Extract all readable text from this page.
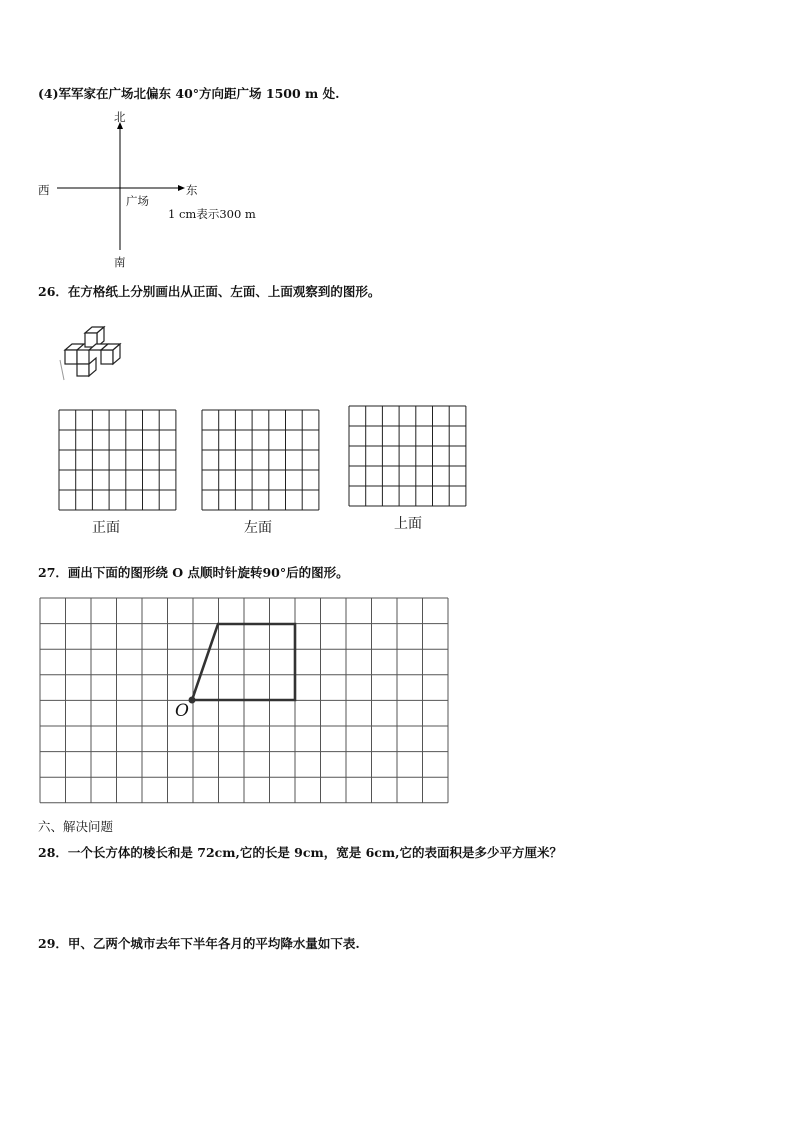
(4)军军家在广场北偏东 40°方向距广场 1500 m 处.
北
南
西	东
广场
1 cm表示300 m
26．在方格纸上分别画出从正面、左面、上面观察到的图形。
正面	左面	上面
27．画出下面的图形绕 O 点顺时针旋转90°后的图形。
O
六、解决问题
28．一个长方体的棱长和是 72cm,它的长是 9cm，宽是 6cm,它的表面积是多少平方厘米？
29．甲、乙两个城市去年下半年各月的平均降水量如下表.
